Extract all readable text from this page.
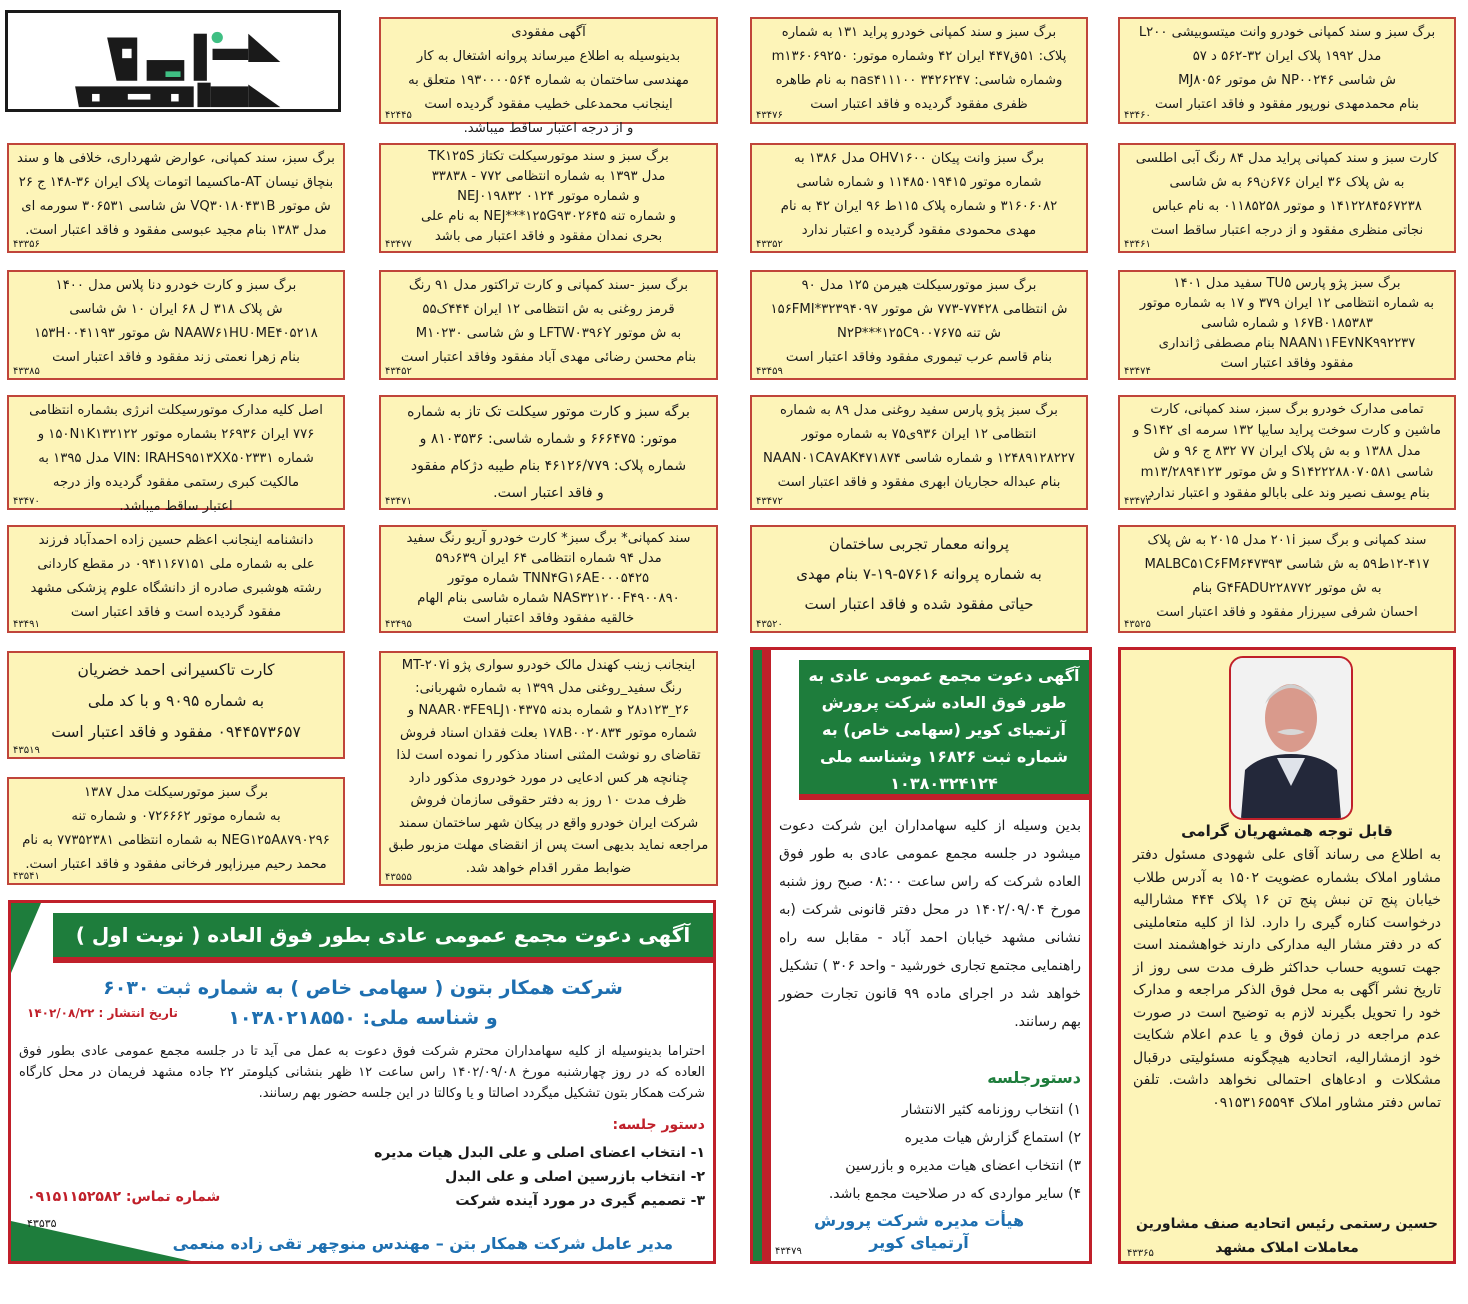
آگهی مفقودی
بدینوسیله به اطلاع میرساند پروانه اشتغال به کار
مهندسی ساختمان به شماره ۱۹۳۰۰۰۰۵۶۴ متعلق به
اینجانب محمدعلی خطیب مفقود گردیده است
و از درجه اعتبار ساقط میباشد.
۴۲۴۴۵
برگ سبز و سند کمپانی خودرو پراید ۱۳۱ به شماره
پلاک: ۵۱ق۴۴۷ ایران ۴۲ وشماره موتور: m۱۳۶۰۶۹۲۵۰
وشماره شاسی: ۳۴۲۶۲۴۷ nas۴۱۱۱۰۰ به نام طاهره
ظفری مفقود گردیده و فاقد اعتبار است
۴۳۴۷۶
برگ سبز و سند کمپانی خودرو وانت میتسوبیشی L۲۰۰
مدل ۱۹۹۲ پلاک ایران ۳۲-۵۶۲ د ۵۷
ش شاسی NP۰۰۲۴۶ ش موتور MJ۸۰۵۶
بنام محمدمهدی نورپور مفقود و فاقد اعتبار است
۴۳۴۶۰
برگ سبز، سند کمپانی، عوارض شهرداری، خلافی ها و سند
بنچاق نیسان AT-ماکسیما اتومات پلاک ایران ۳۶-۱۴۸ ج ۲۶
ش موتور VQ۳۰۱۸۰۴۳۱B ش شاسی ۳۰۶۵۳۱ سورمه ای
مدل ۱۳۸۳ بنام مجید عبوسی مفقود و فاقد اعتبار است.
۴۳۳۵۶
برگ سبز و سند موتورسیکلت تکتاز TK۱۲۵S
مدل ۱۳۹۳ به شماره انتظامی ۷۷۲ - ۳۳۸۳۸
و شماره موتور NEJ۰۱۹۸۳۲ ۰۱۲۴
و شماره تنه NEJ***۱۲۵G۹۳۰۲۶۴۵ به نام علی
بحری نمدان مفقود و فاقد اعتبار می باشد
۴۳۴۷۷
برگ سبز وانت پیکان OHV۱۶۰۰ مدل ۱۳۸۶ به
شماره موتور ۱۱۴۸۵۰۱۹۴۱۵ و شماره شاسی
۳۱۶۰۶۰۸۲ و شماره پلاک ۱۱۵ط ۹۶ ایران ۴۲ به نام
مهدی محمودی مفقود گردیده و اعتبار ندارد
۴۳۳۵۲
کارت سبز و سند کمپانی پراید مدل ۸۴ رنگ آبی اطلسی
به ش پلاک ۳۶ ایران ۶۷۶ن۶۹ به ش شاسی
۱۴۱۲۲۸۴۵۶۷۲۳۸ و موتور ۰۱۱۸۵۲۵۸ به نام عباس
نجاتی منظری مفقود و از درجه اعتبار ساقط است
۴۳۴۶۱
برگ سبز و کارت خودرو دنا پلاس مدل ۱۴۰۰
ش پلاک ۳۱۸ ل ۶۸ ایران ۱۰ ش شاسی
NAAW۶۱HU۰ME۴۰۵۲۱۸ ش موتور ۱۵۳H۰۰۴۱۱۹۳
بنام زهرا نعمتی زند مفقود و فاقد اعتبار است
۴۳۳۸۵
برگ سبز -سند کمپانی و کارت تراکتور مدل ۹۱ رنگ
قرمز روغنی به ش انتظامی ۱۲ ایران ۴۴۴ک۵۵
به ش موتور LFTW۰۳۹۶Y و ش شاسی M۱۰۲۳۰
بنام محسن رضائی مهدی آباد مفقود وفاقد اعتبار است
۴۳۴۵۲
برگ سبز موتورسیکلت هیرمن ۱۲۵ مدل ۹۰
ش انتظامی ۷۷۴۲۸-۷۷۳ ش موتور ۱۵۶FMI*۳۲۳۹۴۰۹۷
ش تنه N۲P***۱۲۵C۹۰۰۷۶۷۵
بنام قاسم عرب تیموری مفقود وفاقد اعتبار است
۴۳۴۵۹
برگ سبز پژو پارس TU۵ سفید مدل ۱۴۰۱
به شماره انتظامی ۱۲ ایران ۳۷۹ و ۱۷ به شماره موتور
۱۶۷B۰۱۸۵۳۸۳ و شماره شاسی
NAAN۱۱FE۷NK۹۹۲۲۳۷ بنام مصطفی ژانداری
مفقود وفاقد اعتبار است
۴۳۴۷۴
اصل کلیه مدارک موتورسیکلت انرژی بشماره انتظامی
۷۷۶ ایران ۲۶۹۳۶ بشماره موتور ۱۵۰N۱K۱۳۲۱۲۲ و
شماره VIN: IRAHS۹۵۱۳XX۵۰۲۳۳۱ مدل ۱۳۹۵ به
مالکیت کبری رستمی مفقود گردیده واز درجه
اعتبار ساقط میباشد.
۴۳۴۷۰
برگه سبز و کارت موتور سیکلت تک تاز به شماره
موتور: ۶۶۶۴۷۵ و شماره شاسی: ۸۱۰۳۵۳۶ و
شماره پلاک: ۴۶۱۲۶/۷۷۹ بنام طیبه دژکام مفقود
و فاقد اعتبار است.
۴۳۴۷۱
برگ سبز پژو پارس سفید روغنی مدل ۸۹ به شماره
انتظامی ۱۲ ایران ۹۳۶ی۷۵ به شماره موتور
۱۲۴۸۹۱۲۸۲۲۷ و شماره شاسی NAAN۰۱CA۷AK۴۷۱۸۷۴
بنام عبداله حجاریان ابهری مفقود و فاقد اعتبار است
۴۳۴۷۲
تمامی مدارک خودرو برگ سبز، سند کمپانی، کارت
ماشین و کارت سوخت پراید سایپا ۱۳۲ سرمه ای S۱۴۲ و
مدل ۱۳۸۸ و به ش پلاک ایران ۷۷ ۸۳۲ ج ۹۶ و ش
شاسی S۱۴۲۲۲۸۸۰۷۰۵۸۱ و ش موتور m۱۳/۲۸۹۴۱۲۳
بنام یوسف نصیر وند علی بابالو مفقود و اعتبار ندارد.
۴۳۴۷۳
دانشنامه اینجانب اعظم حسین زاده احمدآباد فرزند
علی به شماره ملی ۰۹۴۱۱۶۷۱۵۱ در مقطع کاردانی
رشته هوشبری صادره از دانشگاه علوم پزشکی مشهد
مفقود گردیده است و فاقد اعتبار است
۴۳۴۹۱
سند کمپانی* برگ سبز* کارت خودرو آریو رنگ سفید
مدل ۹۴ شماره انتظامی ۶۴ ایران ۶۳۹د۵۹
TNN۴G۱۶AE۰۰۰۵۴۲۵ شماره موتور
NAS۳۲۱۲۰۰F۴۹۰۰۸۹۰ شماره شاسی بنام الهام
خالقیه مفقود وفاقد اعتبار است
۴۳۴۹۵
پروانه معمار تجربی ساختمان
به شماره پروانه ۵۷۶۱۶-۱۹-۷ بنام مهدی
حیاتی مفقود شده و فاقد اعتبار است
۴۳۵۲۰
سند کمپانی و برگ سبز ۲۰۱i مدل ۲۰۱۵ به ش پلاک
۱۲-۴۱۷ط۵۹ به ش شاسی MALBC۵۱C۶FM۶۴۷۳۹۳
به ش موتور G۴FADU۲۲۸۷۷۲ بنام
احسان شرفی سیرزار مفقود و فاقد اعتبار است
۴۳۵۲۵
کارت تاکسیرانی احمد خضریان
به شماره ۹۰۹۵ و با کد ملی
۰۹۴۴۵۷۳۶۵۷ مفقود و فاقد اعتبار است
۴۳۵۱۹
اینجانب زینب کهندل مالک خودرو سواری پژو MT-۲۰۷i
رنگ سفید_روغنی مدل ۱۳۹۹ به شماره شهربانی:
۲۶_۱۲۳د۲۸ و شماره بدنه NAAR۰۳FE۹LJ۱۰۴۳۷۵ و
شماره موتور ۱۷۸B۰۰۲۰۸۳۴ بعلت فقدان اسناد فروش
تقاضای رو نوشت المثنی اسناد مذکور را نموده است لذا
چنانچه هر کس ادعایی در مورد خودروی مذکور دارد
ظرف مدت ۱۰ روز به دفتر حقوقی سازمان فروش
شرکت ایران خودرو واقع در پیکان شهر ساختمان سمند
مراجعه نماید بدیهی است پس از انقضای مهلت مزبور طبق
ضوابط مقرر اقدام خواهد شد.
۴۳۵۵۵
برگ سبز موتورسیکلت مدل ۱۳۸۷
به شماره موتور ۰۷۲۶۶۶۲ و شماره تنه
NEG۱۲۵A۸۷۹۰۲۹۶ به شماره انتظامی ۷۷۳۵۲۳۸۱ به نام
محمد رحیم میرزاپور فرخانی مفقود و فاقد اعتبار است.
۴۳۵۴۱
آگهی دعوت مجمع عمومی عادی بطور فوق العاده ( نوبت اول )
شرکت همکار بتون ( سهامی خاص ) به شماره ثبت ۶۰۳۰
و شناسه ملی: ۱۰۳۸۰۲۱۸۵۵۰
تاریخ انتشار : ۱۴۰۲/۰۸/۲۲
احتراما بدینوسیله از کلیه سهامداران محترم شرکت فوق دعوت به عمل می آید تا در جلسه مجمع عمومی عادی بطور فوق العاده که در روز چهارشنبه مورخ ۱۴۰۲/۰۹/۰۸ راس ساعت ۱۲ ظهر بنشانی کیلومتر ۲۲ جاده مشهد فریمان در محل کارگاه شرکت همکار بتون تشکیل میگردد اصالتا و یا وکالتا در این جلسه حضور بهم رسانند.
دستور جلسه:
۱- انتخاب اعضای اصلی و علی البدل هیات مدیره
۲- انتخاب بازرسین اصلی و علی البدل
۳- تصمیم گیری در مورد آینده شرکت
شماره تماس: ۰۹۱۵۱۱۵۲۵۸۲
۴۳۵۳۵
مدیر عامل شرکت همکار بتن – مهندس منوچهر تقی زاده منعمی
آگهی دعوت مجمع عمومی عادی به طور فوق العاده شرکت پرورش آرتمیای کویر (سهامی خاص) به شماره ثبت ۱۶۸۲۶ وشناسه ملی ۱۰۳۸۰۳۲۴۱۲۴
بدین وسیله از کلیه سهامداران این شرکت دعوت میشود در جلسه مجمع عمومی عادی به طور فوق العاده شرکت که راس ساعت ۰۸:۰۰ صبح روز شنبه مورخ ۱۴۰۲/۰۹/۰۴ در محل دفتر قانونی شرکت (به نشانی مشهد خیابان احمد آباد - مقابل سه راه راهنمایی مجتمع تجاری خورشید - واحد ۳۰۶ ) تشکیل خواهد شد در اجرای ماده ۹۹ قانون تجارت حضور بهم رسانند.
دستورجلسه
۱) انتخاب روزنامه کثیر الانتشار
۲) استماع گزارش هیات مدیره
۳) انتخاب اعضای هیات مدیره و بازرسین
۴) سایر مواردی که در صلاحیت مجمع باشد.
هیأت مدیره شرکت پرورش آرتمیای کویر
۴۳۴۷۹
قابل توجه همشهریان گرامی
به اطلاع می رساند آقای علی شهودی مسئول دفتر مشاور املاک بشماره عضویت ۱۵۰۲ به آدرس طلاب خیابان پنج تن نبش پنج تن ۱۶ پلاک ۴۴۴ مشارالیه درخواست کناره گیری را دارد. لذا از کلیه متعاملینی که در دفتر مشار الیه مدارکی دارند خواهشمند است جهت تسویه حساب حداکثر ظرف مدت سی روز از تاریخ نشر آگهی به محل فوق الذکر مراجعه و مدارک خود را تحویل بگیرند لازم به توضیح است در صورت عدم مراجعه در زمان فوق و یا عدم اعلام شکایت خود ازمشارالیه، اتحادیه هیچگونه مسئولیتی درقبال مشکلات و ادعاهای احتمالی نخواهد داشت. تلفن تماس دفتر مشاور املاک ۰۹۱۵۳۱۶۵۵۹۴
حسین رستمی رئیس اتحادیه صنف مشاورین معاملات املاک مشهد
۴۳۳۶۵
